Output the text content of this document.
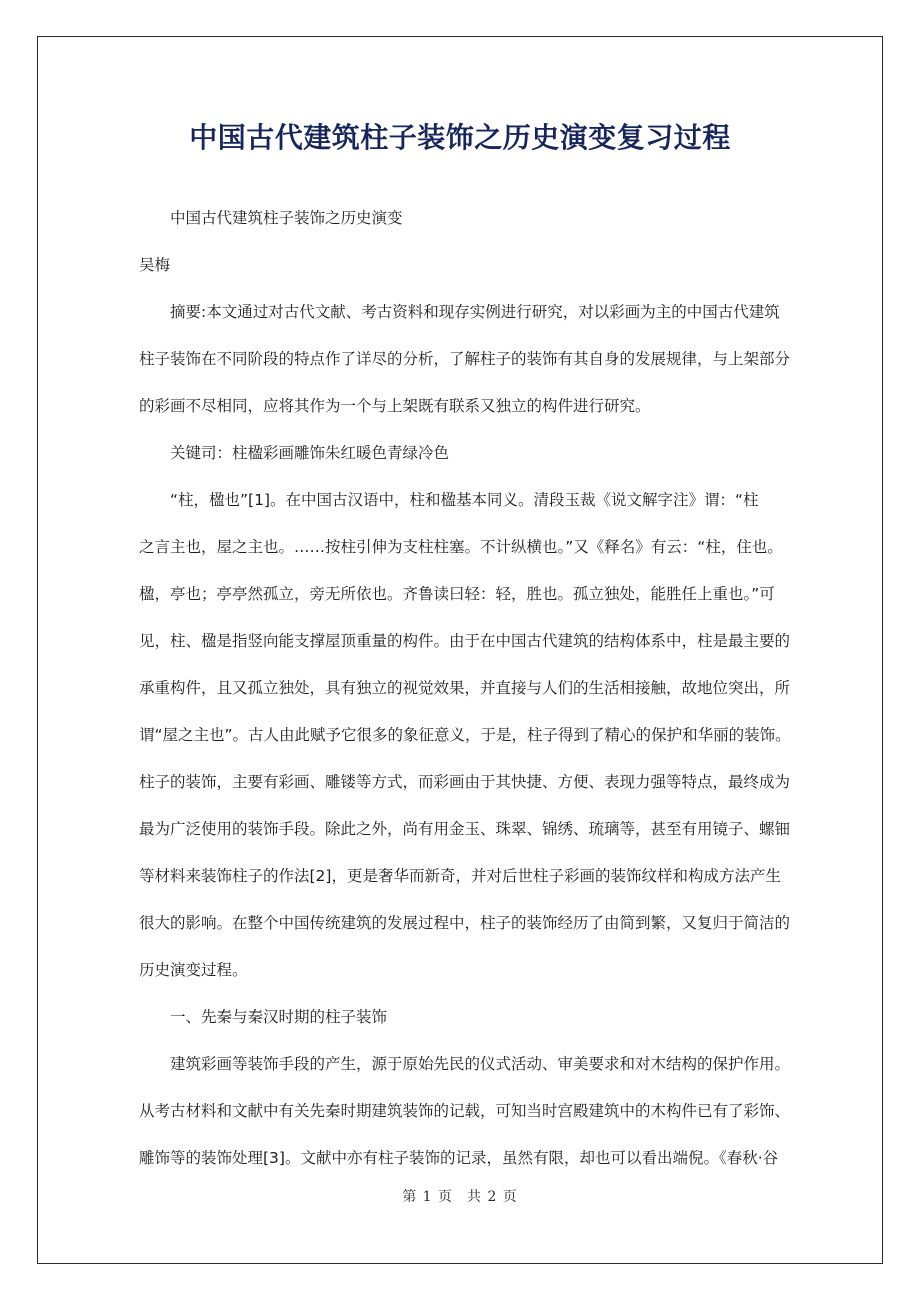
中国古代建筑柱子装饰之历史演变复习过程
中国古代建筑柱子装饰之历史演变
吴梅
摘要:本文通过对古代文献、考古资料和现存实例进行研究，对以彩画为主的中国古代建筑
柱子装饰在不同阶段的特点作了详尽的分析，了解柱子的装饰有其自身的发展规律，与上架部分
的彩画不尽相同，应将其作为一个与上架既有联系又独立的构件进行研究。
关键司：柱楹彩画雕饰朱红暖色青绿冷色
“柱，楹也”[1]。在中国古汉语中，柱和楹基本同义。清段玉裁《说文解字注》谓：“柱
之言主也，屋之主也。……按柱引伸为支柱柱塞。不计纵横也。”又《释名》有云：“柱，住也。
楹，亭也；亭亭然孤立，旁无所依也。齐鲁读曰轻：轻，胜也。孤立独处，能胜任上重也。”可
见，柱、楹是指竖向能支撑屋顶重量的构件。由于在中国古代建筑的结构体系中，柱是最主要的
承重构件，且又孤立独处，具有独立的视觉效果，并直接与人们的生活相接触，故地位突出，所
谓“屋之主也”。古人由此赋予它很多的象征意义，于是，柱子得到了精心的保护和华丽的装饰。
柱子的装饰，主要有彩画、雕镂等方式，而彩画由于其快捷、方便、表现力强等特点，最终成为
最为广泛使用的装饰手段。除此之外，尚有用金玉、珠翠、锦绣、琉璃等，甚至有用镜子、螺钿
等材料来装饰柱子的作法[2]，更是奢华而新奇，并对后世柱子彩画的装饰纹样和构成方法产生
很大的影响。在整个中国传统建筑的发展过程中，柱子的装饰经历了由简到繁，又复归于简洁的
历史演变过程。
一、先秦与秦汉时期的柱子装饰
建筑彩画等装饰手段的产生，源于原始先民的仪式活动、审美要求和对木结构的保护作用。
从考古材料和文献中有关先秦时期建筑装饰的记载，可知当时宫殿建筑中的木构件已有了彩饰、
雕饰等的装饰处理[3]。文献中亦有柱子装饰的记录，虽然有限，却也可以看出端倪。《春秋·谷
第 1 页 共 2 页
